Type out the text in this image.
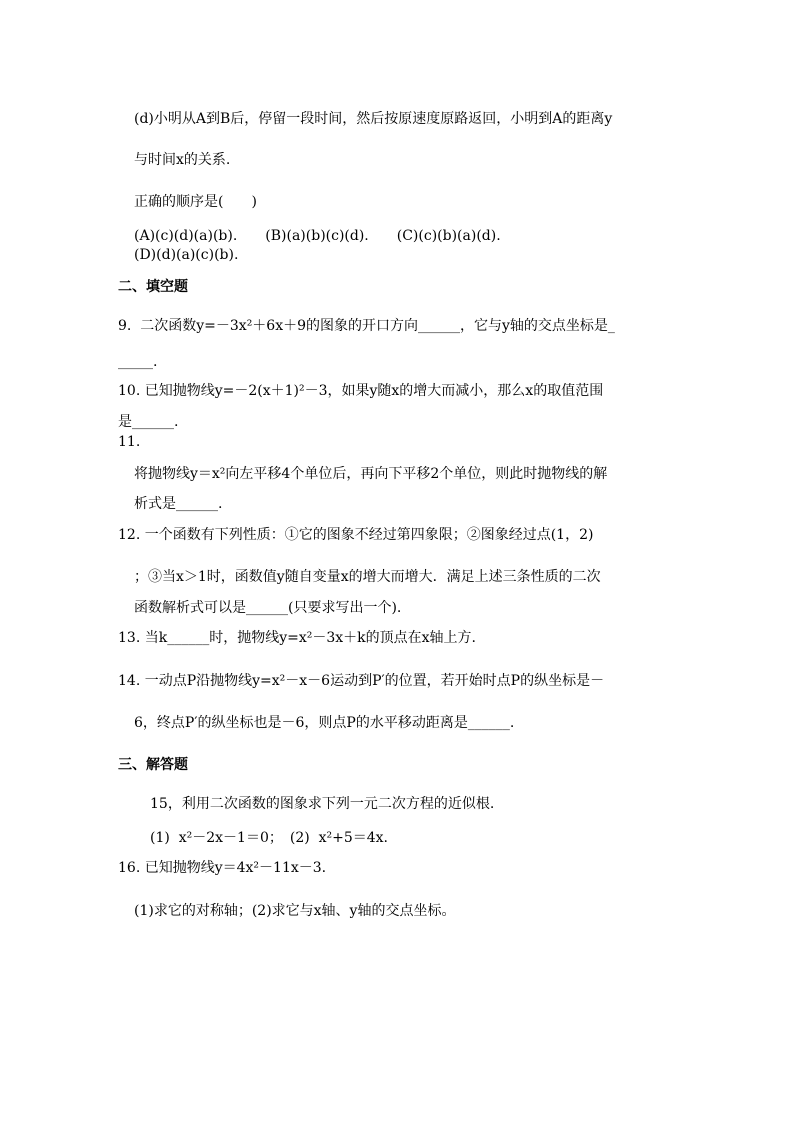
(d)小明从A到B后，停留一段时间，然后按原速度原路返回，小明到A的距离y
与时间x的关系.
正确的顺序是(　　)
(A)(c)(d)(a)(b).　　(B)(a)(b)(c)(d).　　(C)(c)(b)(a)(d).
(D)(d)(a)(c)(b).
二、填空题
9.  二次函数y=－3x²＋6x＋9的图象的开口方向______，它与y轴的交点坐标是_
_____.
10. 已知抛物线y=－2(x＋1)²－3，如果y随x的增大而减小，那么x的取值范围
是______.
11.
将抛物线y＝x²向左平移4个单位后，再向下平移2个单位，则此时抛物线的解
析式是______.
12. 一个函数有下列性质：①它的图象不经过第四象限；②图象经过点(1，2)
；③当x＞1时，函数值y随自变量x的增大而增大．满足上述三条性质的二次
函数解析式可以是______(只要求写出一个).
13. 当k______时，抛物线y=x²－3x＋k的顶点在x轴上方.
14. 一动点P沿抛物线y=x²－x－6运动到P′的位置，若开始时点P的纵坐标是－
6，终点P′的纵坐标也是－6，则点P的水平移动距离是______.
三、解答题
15，利用二次函数的图象求下列一元二次方程的近似根.
(1)  x²－2x－1＝0；　(2)  x²+5＝4x.
16. 已知抛物线y＝4x²－11x－3.
(1)求它的对称轴；(2)求它与x轴、y轴的交点坐标。
